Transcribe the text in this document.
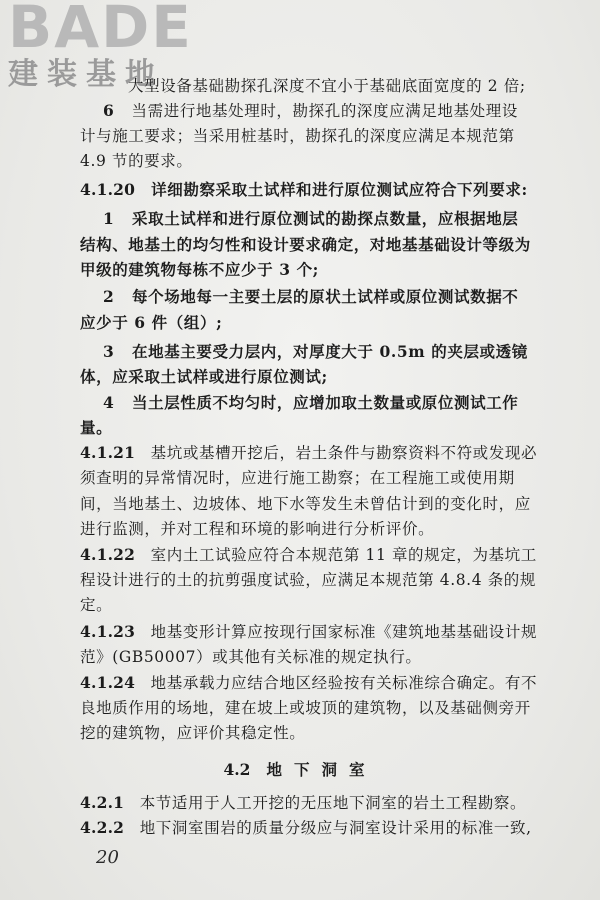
BADE
建装基地
大型设备基础勘探孔深度不宜小于基础底面宽度的 2 倍;
6 当需进行地基处理时，勘探孔的深度应满足地基处理设
计与施工要求；当采用桩基时，勘探孔的深度应满足本规范第
4.9 节的要求。
4.1.20 详细勘察采取土试样和进行原位测试应符合下列要求:
1 采取土试样和进行原位测试的勘探点数量，应根据地层
结构、地基土的均匀性和设计要求确定，对地基基础设计等级为
甲级的建筑物每栋不应少于 3 个;
2 每个场地每一主要土层的原状土试样或原位测试数据不
应少于 6 件（组）;
3 在地基主要受力层内，对厚度大于 0.5m 的夹层或透镜
体，应采取土试样或进行原位测试;
4 当土层性质不均匀时，应增加取土数量或原位测试工作
量。
4.1.21 基坑或基槽开挖后，岩土条件与勘察资料不符或发现必
须查明的异常情况时，应进行施工勘察；在工程施工或使用期
间，当地基土、边坡体、地下水等发生未曾估计到的变化时，应
进行监测，并对工程和环境的影响进行分析评价。
4.1.22 室内土工试验应符合本规范第 11 章的规定，为基坑工
程设计进行的土的抗剪强度试验，应满足本规范第 4.8.4 条的规
定。
4.1.23 地基变形计算应按现行国家标准《建筑地基基础设计规
范》(GB50007）或其他有关标准的规定执行。
4.1.24 地基承载力应结合地区经验按有关标准综合确定。有不
良地质作用的场地，建在坡上或坡顶的建筑物，以及基础侧旁开
挖的建筑物，应评价其稳定性。
4.2 地下洞室
4.2.1 本节适用于人工开挖的无压地下洞室的岩土工程勘察。
4.2.2 地下洞室围岩的质量分级应与洞室设计采用的标准一致,
20
